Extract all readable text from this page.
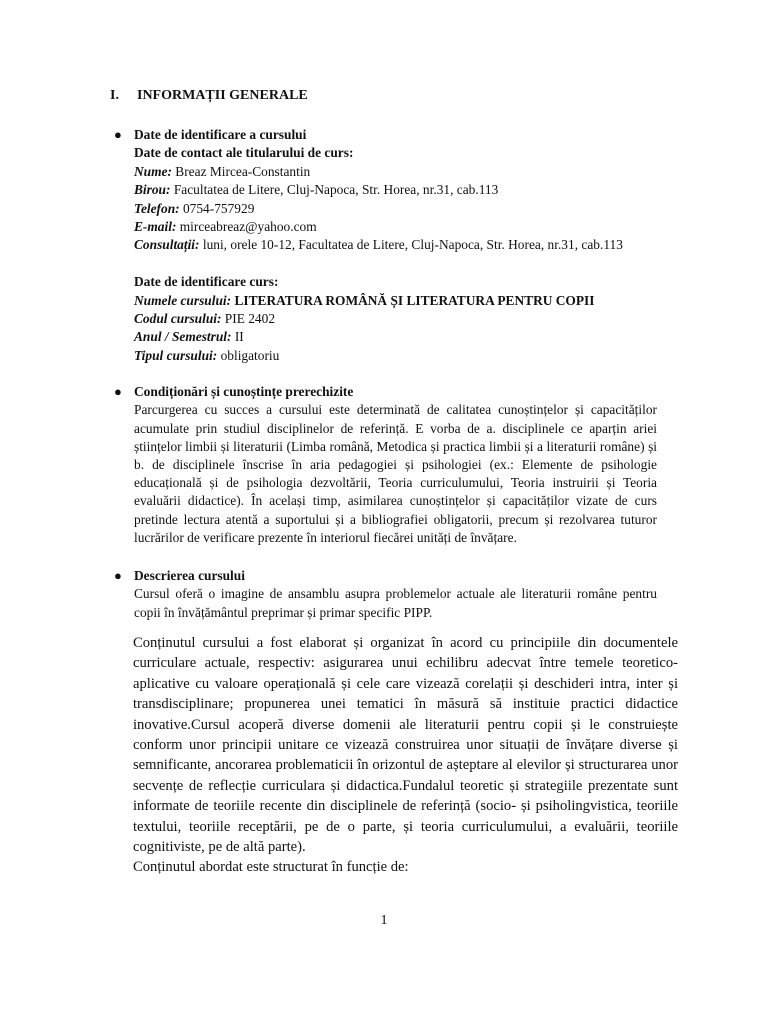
I. INFORMAȚII GENERALE
● Date de identificare a cursului
Date de contact ale titularului de curs:
Nume: Breaz Mircea-Constantin
Birou: Facultatea de Litere, Cluj-Napoca, Str. Horea, nr.31, cab.113
Telefon: 0754-757929
E-mail: mirceabreaz@yahoo.com
Consultații: luni, orele 10-12, Facultatea de Litere, Cluj-Napoca, Str. Horea, nr.31, cab.113
Date de identificare curs:
Numele cursului: LITERATURA ROMÂNĂ ȘI LITERATURA PENTRU COPII
Codul cursului: PIE 2402
Anul / Semestrul: II
Tipul cursului: obligatoriu
● Condiționări și cunoștințe prerechizite

Parcurgerea cu succes a cursului este determinată de calitatea cunoștințelor și capacităților acumulate prin studiul disciplinelor de referință. E vorba de a. disciplinele ce aparțin ariei științelor limbii și literaturii (Limba română, Metodica și practica limbii și a literaturii române) și b. de disciplinele înscrise în aria pedagogiei și psihologiei (ex.: Elemente de psihologie educațională și de psihologia dezvoltării, Teoria curriculumului, Teoria instruirii și Teoria evaluării didactice). În același timp, asimilarea cunoștințelor și capacităților vizate de curs pretinde lectura atentă a suportului și a bibliografiei obligatorii, precum și rezolvarea tuturor lucrărilor de verificare prezente în interiorul fiecărei unități de învățare.

● Descrierea cursului

Cursul oferă o imagine de ansamblu asupra problemelor actuale ale literaturii române pentru copii în învățământul preprimar și primar specific PIPP.

Conținutul cursului a fost elaborat și organizat în acord cu principiile din documentele curriculare actuale, respectiv: asigurarea unui echilibru adecvat între temele teoretico-aplicative cu valoare operațională și cele care vizează corelații și deschideri intra, inter și transdisciplinare; propunerea unei tematici în măsură să instituie practici didactice inovative.Cursul acoperă diverse domenii ale literaturii pentru copii și le construiește conform unor principii unitare ce vizează construirea unor situații de învățare diverse și semnificante, ancorarea problematicii în orizontul de așteptare al elevilor și structurarea unor secvențe de reflecție curriculara și didactica.Fundalul teoretic și strategiile prezentate sunt informate de teoriile recente din disciplinele de referință (socio- și psiholingvistica, teoriile textului, teoriile receptării, pe de o parte, și teoria curriculumului, a evaluării, teoriile cognitiviste, pe de altă parte).

Conținutul abordat este structurat în funcție de:

1
